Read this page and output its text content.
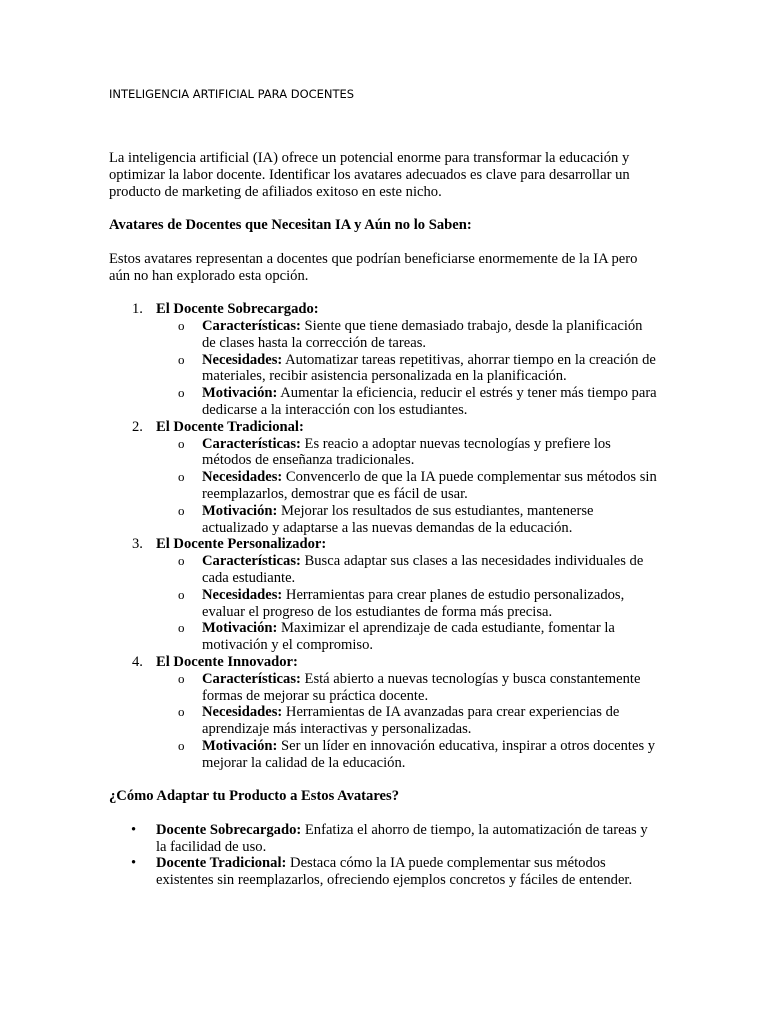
INTELIGENCIA ARTIFICIAL PARA DOCENTES

La inteligencia artificial (IA) ofrece un potencial enorme para transformar la educación y optimizar la labor docente. Identificar los avatares adecuados es clave para desarrollar un producto de marketing de afiliados exitoso en este nicho.

Avatares de Docentes que Necesitan IA y Aún no lo Saben:

Estos avatares representan a docentes que podrían beneficiarse enormemente de la IA pero aún no han explorado esta opción.

1. El Docente Sobrecargado:
o Características: Siente que tiene demasiado trabajo, desde la planificación de clases hasta la corrección de tareas.
o Necesidades: Automatizar tareas repetitivas, ahorrar tiempo en la creación de materiales, recibir asistencia personalizada en la planificación.
o Motivación: Aumentar la eficiencia, reducir el estrés y tener más tiempo para dedicarse a la interacción con los estudiantes.
2. El Docente Tradicional:
o Características: Es reacio a adoptar nuevas tecnologías y prefiere los métodos de enseñanza tradicionales.
o Necesidades: Convencerlo de que la IA puede complementar sus métodos sin reemplazarlos, demostrar que es fácil de usar.
o Motivación: Mejorar los resultados de sus estudiantes, mantenerse actualizado y adaptarse a las nuevas demandas de la educación.
3. El Docente Personalizador:
o Características: Busca adaptar sus clases a las necesidades individuales de cada estudiante.
o Necesidades: Herramientas para crear planes de estudio personalizados, evaluar el progreso de los estudiantes de forma más precisa.
o Motivación: Maximizar el aprendizaje de cada estudiante, fomentar la motivación y el compromiso.
4. El Docente Innovador:
o Características: Está abierto a nuevas tecnologías y busca constantemente formas de mejorar su práctica docente.
o Necesidades: Herramientas de IA avanzadas para crear experiencias de aprendizaje más interactivas y personalizadas.
o Motivación: Ser un líder en innovación educativa, inspirar a otros docentes y mejorar la calidad de la educación.

¿Cómo Adaptar tu Producto a Estos Avatares?

• Docente Sobrecargado: Enfatiza el ahorro de tiempo, la automatización de tareas y la facilidad de uso.
• Docente Tradicional: Destaca cómo la IA puede complementar sus métodos existentes sin reemplazarlos, ofreciendo ejemplos concretos y fáciles de entender.
